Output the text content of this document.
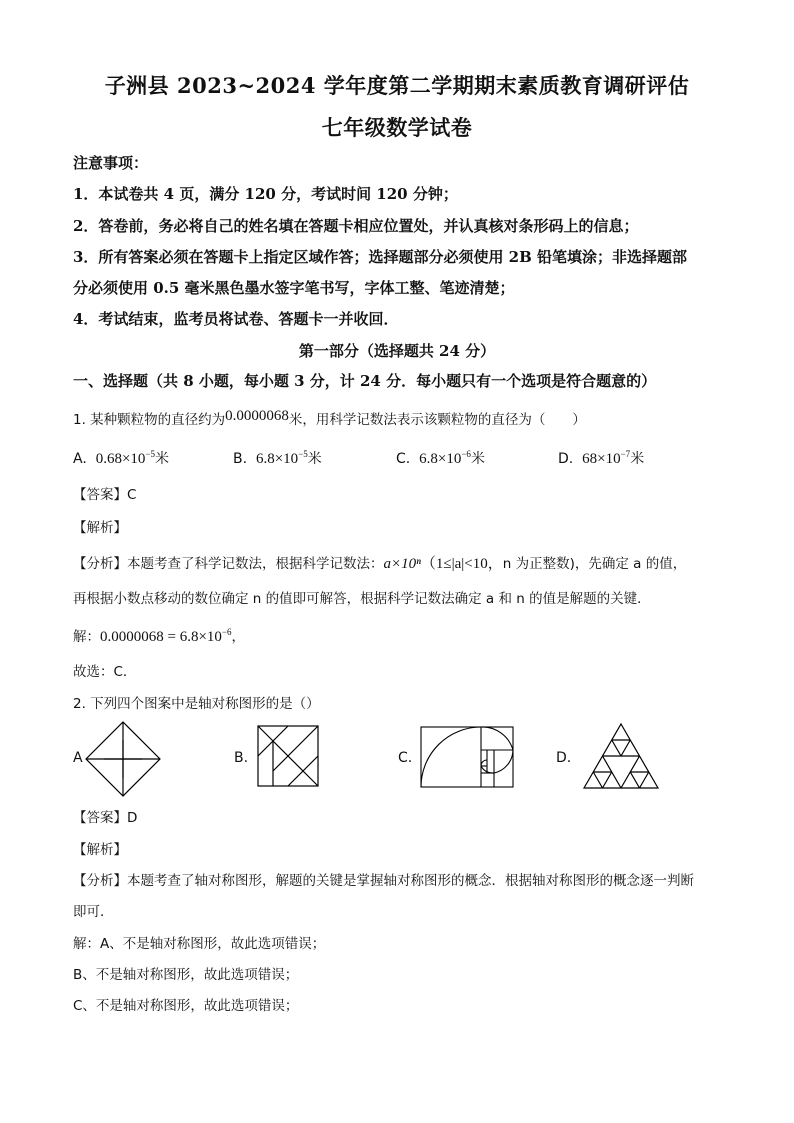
子洲县 2023~2024 学年度第二学期期末素质教育调研评估
七年级数学试卷
注意事项：
1．本试卷共 4 页，满分 120 分，考试时间 120 分钟；
2．答卷前，务必将自己的姓名填在答题卡相应位置处，并认真核对条形码上的信息；
3．所有答案必须在答题卡上指定区域作答；选择题部分必须使用 2B 铅笔填涂；非选择题部
分必须使用 0.5 毫米黑色墨水签字笔书写，字体工整、笔迹清楚；
4．考试结束，监考员将试卷、答题卡一并收回．
第一部分（选择题共 24 分）
一、选择题（共 8 小题，每小题 3 分，计 24 分．每小题只有一个选项是符合题意的）
1. 某种颗粒物的直径约为0.0000068米，用科学记数法表示该颗粒物的直径为（　　）
A. $0.68\times 10^{-5}$米	B. $6.8\times 10^{-5}$米	C. $6.8\times 10^{-6}$米	D. $68\times 10^{-7}$米
【答案】C
【解析】
【分析】本题考查了科学记数法，根据科学记数法：a×10ⁿ（1≤|a|<10，n 为正整数)，先确定 a 的值，
再根据小数点移动的数位确定 n 的值即可解答，根据科学记数法确定 a 和 n 的值是解题的关键．
解：$0.0000068 = 6.8\times 10^{-6}$，
故选：C．
2. 下列四个图案中是轴对称图形的是（）
A	B.	C.	D.
【答案】D
【解析】
【分析】本题考查了轴对称图形，解题的关键是掌握轴对称图形的概念．根据轴对称图形的概念逐一判断
即可．
解：A、不是轴对称图形，故此选项错误；
B、不是轴对称图形，故此选项错误；
C、不是轴对称图形，故此选项错误；
